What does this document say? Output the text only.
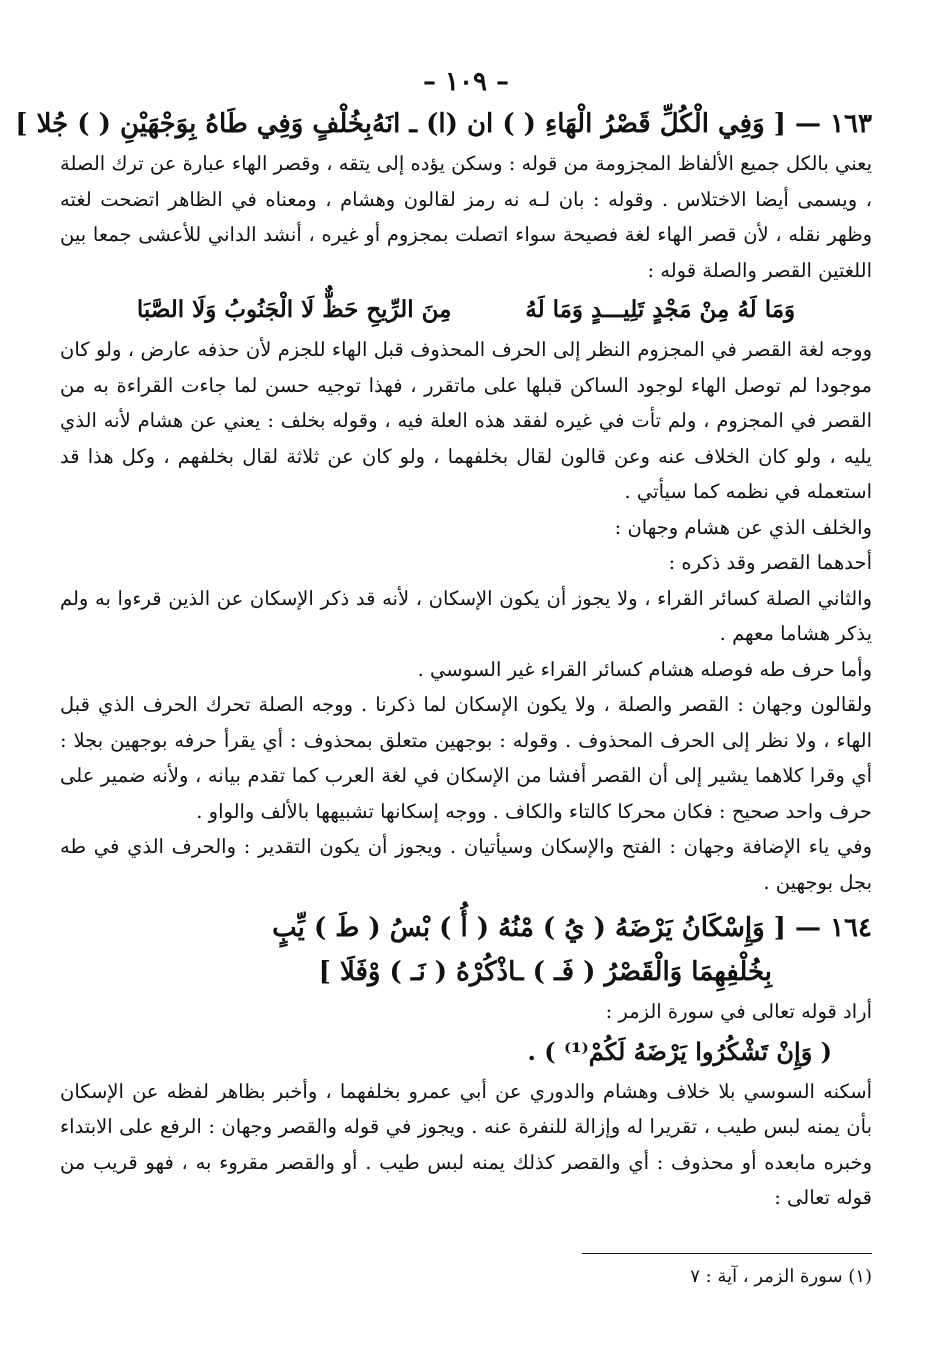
– ١٠٩ –
١٦٣ — [ وَفِي الْكُلِّ قَصْرُ الْهَاءِ ( ) ان (ا) ـ انَهُ
بِخُلْفٍ وَفِي طَاهُ بِوَجْهَيْنِ ( ) جُلا ]

يعني بالكل جميع الألفاظ المجزومة من قوله : وسكن يؤده إلى يتقه ، وقصر الهاء عبارة عن ترك الصلة ، ويسمى أيضا الاختلاس . وقوله : بان لـه نه رمز لقالون وهشام ، ومعناه في الظاهر اتضحت لغته وظهر نقله ، لأن قصر الهاء لغة فصيحة سواء اتصلت بمجزوم أو غيره ، أنشد الداني للأعشى جمعا بين اللغتين القصر والصلة قوله :

وَمَا لَهُ مِنْ مَجْدٍ تَلِيـــدٍ وَمَا لَهُ
مِنَ الرِّيحِ حَظٌّ لَا الْجَنُوبُ وَلَا الصَّبَا

ووجه لغة القصر في المجزوم النظر إلى الحرف المحذوف قبل الهاء للجزم لأن حذفه عارض ، ولو كان موجودا لم توصل الهاء لوجود الساكن قبلها على ماتقرر ، فهذا توجيه حسن لما جاءت القراءة به من القصر في المجزوم ، ولم تأت في غيره لفقد هذه العلة فيه ، وقوله بخلف : يعني عن هشام لأنه الذي يليه ، ولو كان الخلاف عنه وعن قالون لقال بخلفهما ، ولو كان عن ثلاثة لقال بخلفهم ، وكل هذا قد استعمله في نظمه كما سيأتي .

والخلف الذي عن هشام وجهان :

أحدهما القصر وقد ذكره :

والثاني الصلة كسائر القراء ، ولا يجوز أن يكون الإسكان ، لأنه قد ذكر الإسكان عن الذين قرءوا به ولم يذكر هشاما معهم .

وأما حرف طه فوصله هشام كسائر القراء غير السوسي .

ولقالون وجهان : القصر والصلة ، ولا يكون الإسكان لما ذكرنا . ووجه الصلة تحرك الحرف الذي قبل الهاء ، ولا نظر إلى الحرف المحذوف . وقوله : بوجهين متعلق بمحذوف : أي يقرأ حرفه بوجهين بجلا : أي وقرا كلاهما يشير إلى أن القصر أفشا من الإسكان في لغة العرب كما تقدم بيانه ، ولأنه ضمير على حرف واحد صحيح : فكان محركا كالتاء والكاف . ووجه إسكانها تشبيهها بالألف والواو .

وفي ياء الإضافة وجهان : الفتح والإسكان وسيأتيان . ويجوز أن يكون التقدير : والحرف الذي في طه بجل بوجهين .

١٦٤ — [ وَإِسْكَانُ يَرْضَهُ ( يُ ) مْنُهُ ( أُ ) بْسُ ( طَ ) يِّبٍ
بِخُلْفِهِمَا وَالْقَصْرُ ( فَـ ) ـاذْكُرْهُ ( نَـ ) وْفَلَا ]

أراد قوله تعالى في سورة الزمر :

( وَإِنْ تَشْكُرُوا يَرْضَهُ لَكُمْ⁽¹⁾ ) .

أسكنه السوسي بلا خلاف وهشام والدوري عن أبي عمرو بخلفهما ، وأخبر بظاهر لفظه عن الإسكان بأن يمنه لبس طيب ، تقريرا له وإزالة للنفرة عنه . ويجوز في قوله والقصر وجهان : الرفع على الابتداء وخبره مابعده أو محذوف : أي والقصر كذلك يمنه لبس طيب . أو والقصر مقروء به ، فهو قريب من قوله تعالى :

(١) سورة الزمر ، آية : ٧
